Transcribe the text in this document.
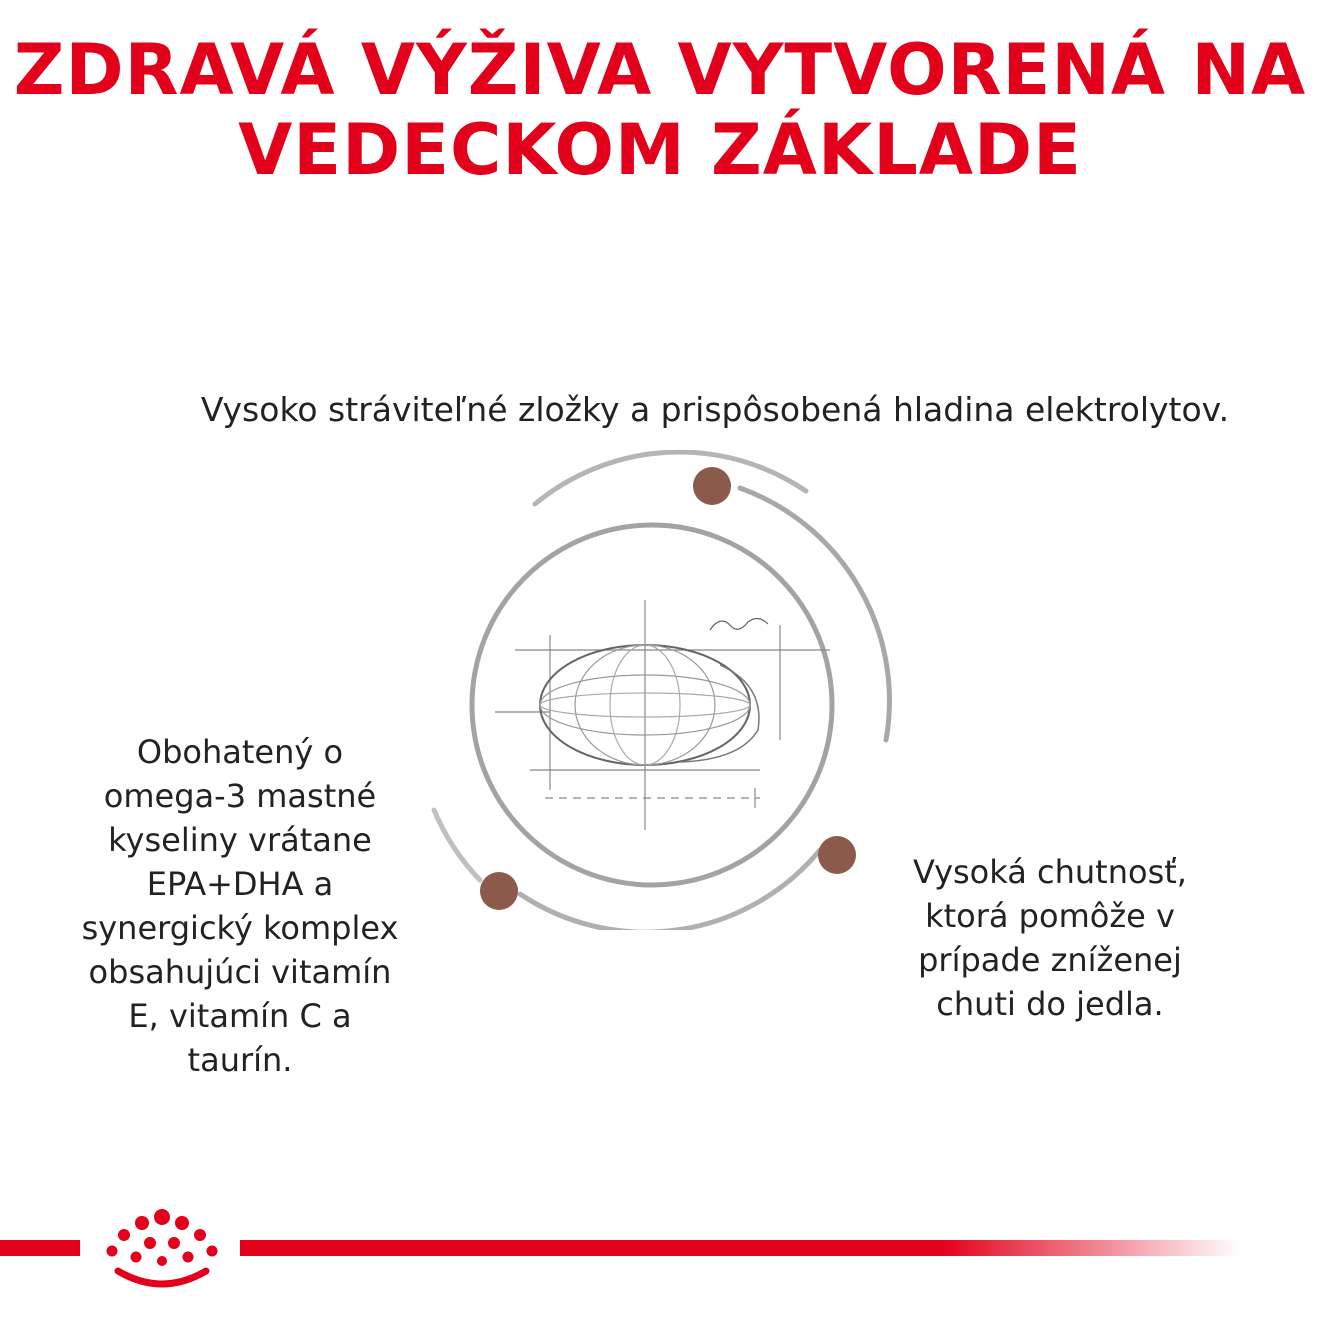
ZDRAVÁ VÝŽIVA VYTVORENÁ NA
VEDECKOM ZÁKLADE

Vysoko stráviteľné zložky a prispôsobená hladina elektrolytov.

Obohatený o
omega-3 mastné
kyseliny vrátane
EPA+DHA a
synergický komplex
obsahujúci vitamín
E, vitamín C a
taurín.

Vysoká chutnosť,
ktorá pomôže v
prípade zníženej
chuti do jedla.
